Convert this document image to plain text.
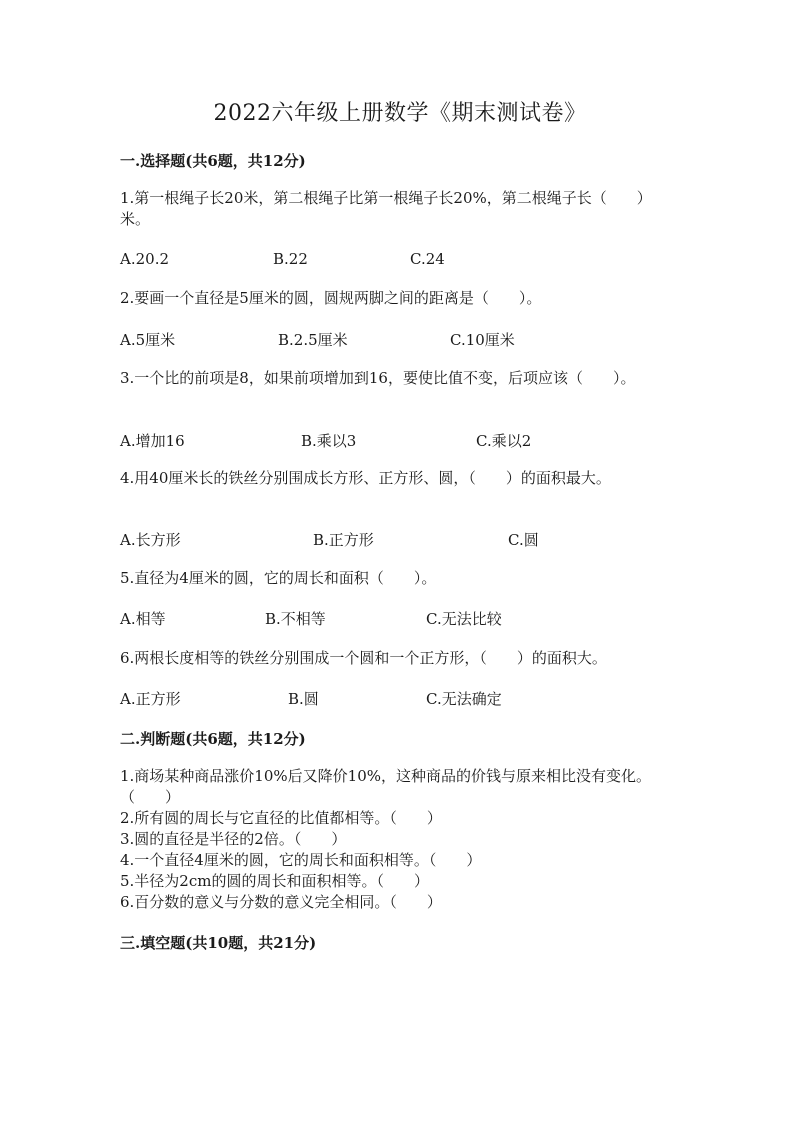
2022六年级上册数学《期末测试卷》
一.选择题(共6题，共12分)
1.第一根绳子长20米，第二根绳子比第一根绳子长20%，第二根绳子长（　　）米。
A.20.2	B.22	C.24
2.要画一个直径是5厘米的圆，圆规两脚之间的距离是（　　）。
A.5厘米	B.2.5厘米	C.10厘米
3.一个比的前项是8，如果前项增加到16，要使比值不变，后项应该（　　）。
A.增加16	B.乘以3	C.乘以2
4.用40厘米长的铁丝分别围成长方形、正方形、圆，（　　）的面积最大。
A.长方形	B.正方形	C.圆
5.直径为4厘米的圆，它的周长和面积（　　）。
A.相等	B.不相等	C.无法比较
6.两根长度相等的铁丝分别围成一个圆和一个正方形，（　　）的面积大。
A.正方形	B.圆	C.无法确定
二.判断题(共6题，共12分)
1.商场某种商品涨价10%后又降价10%，这种商品的价钱与原来相比没有变化。（　　）
2.所有圆的周长与它直径的比值都相等。（　　）
3.圆的直径是半径的2倍。（　　）
4.一个直径4厘米的圆，它的周长和面积相等。（　　）
5.半径为2cm的圆的周长和面积相等。（　　）
6.百分数的意义与分数的意义完全相同。（　　）
三.填空题(共10题，共21分)
